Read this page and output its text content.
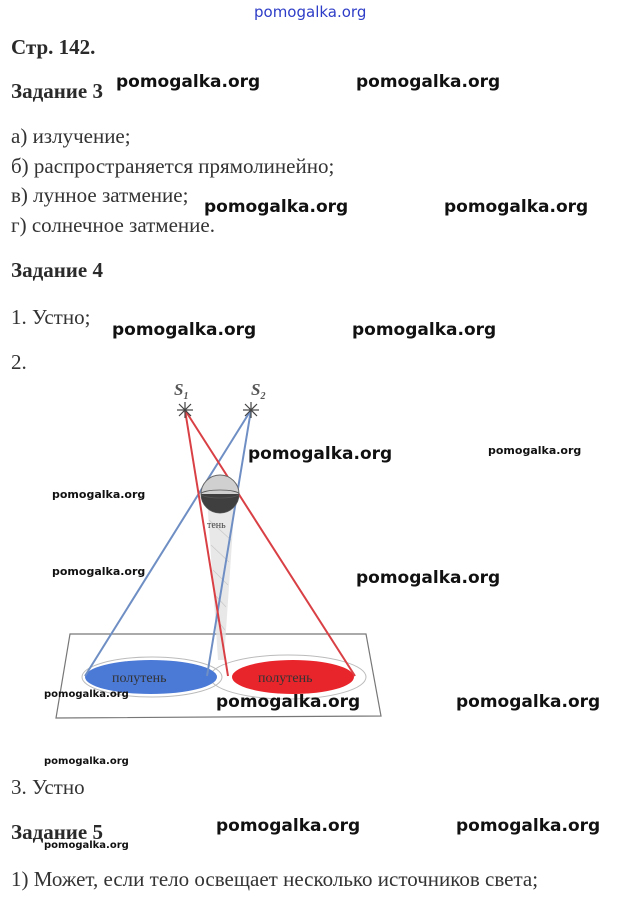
pomogalka.org
Стр. 142.
Задание 3
а) излучение;
б) распространяется прямолинейно;
в) лунное затмение;
г) солнечное затмение.
Задание 4
1. Устно;
2.
$S_1$	$S_2$
тень
полутень	полутень
3. Устно
Задание 5
1) Может, если тело освещает несколько источников света;
pomogalka.org	pomogalka.org
pomogalka.org	pomogalka.org
pomogalka.org	pomogalka.org
pomogalka.org	pomogalka.org
pomogalka.org
pomogalka.org	pomogalka.org
pomogalka.org	pomogalka.org	pomogalka.org
pomogalka.org
pomogalka.org	pomogalka.org
pomogalka.org
